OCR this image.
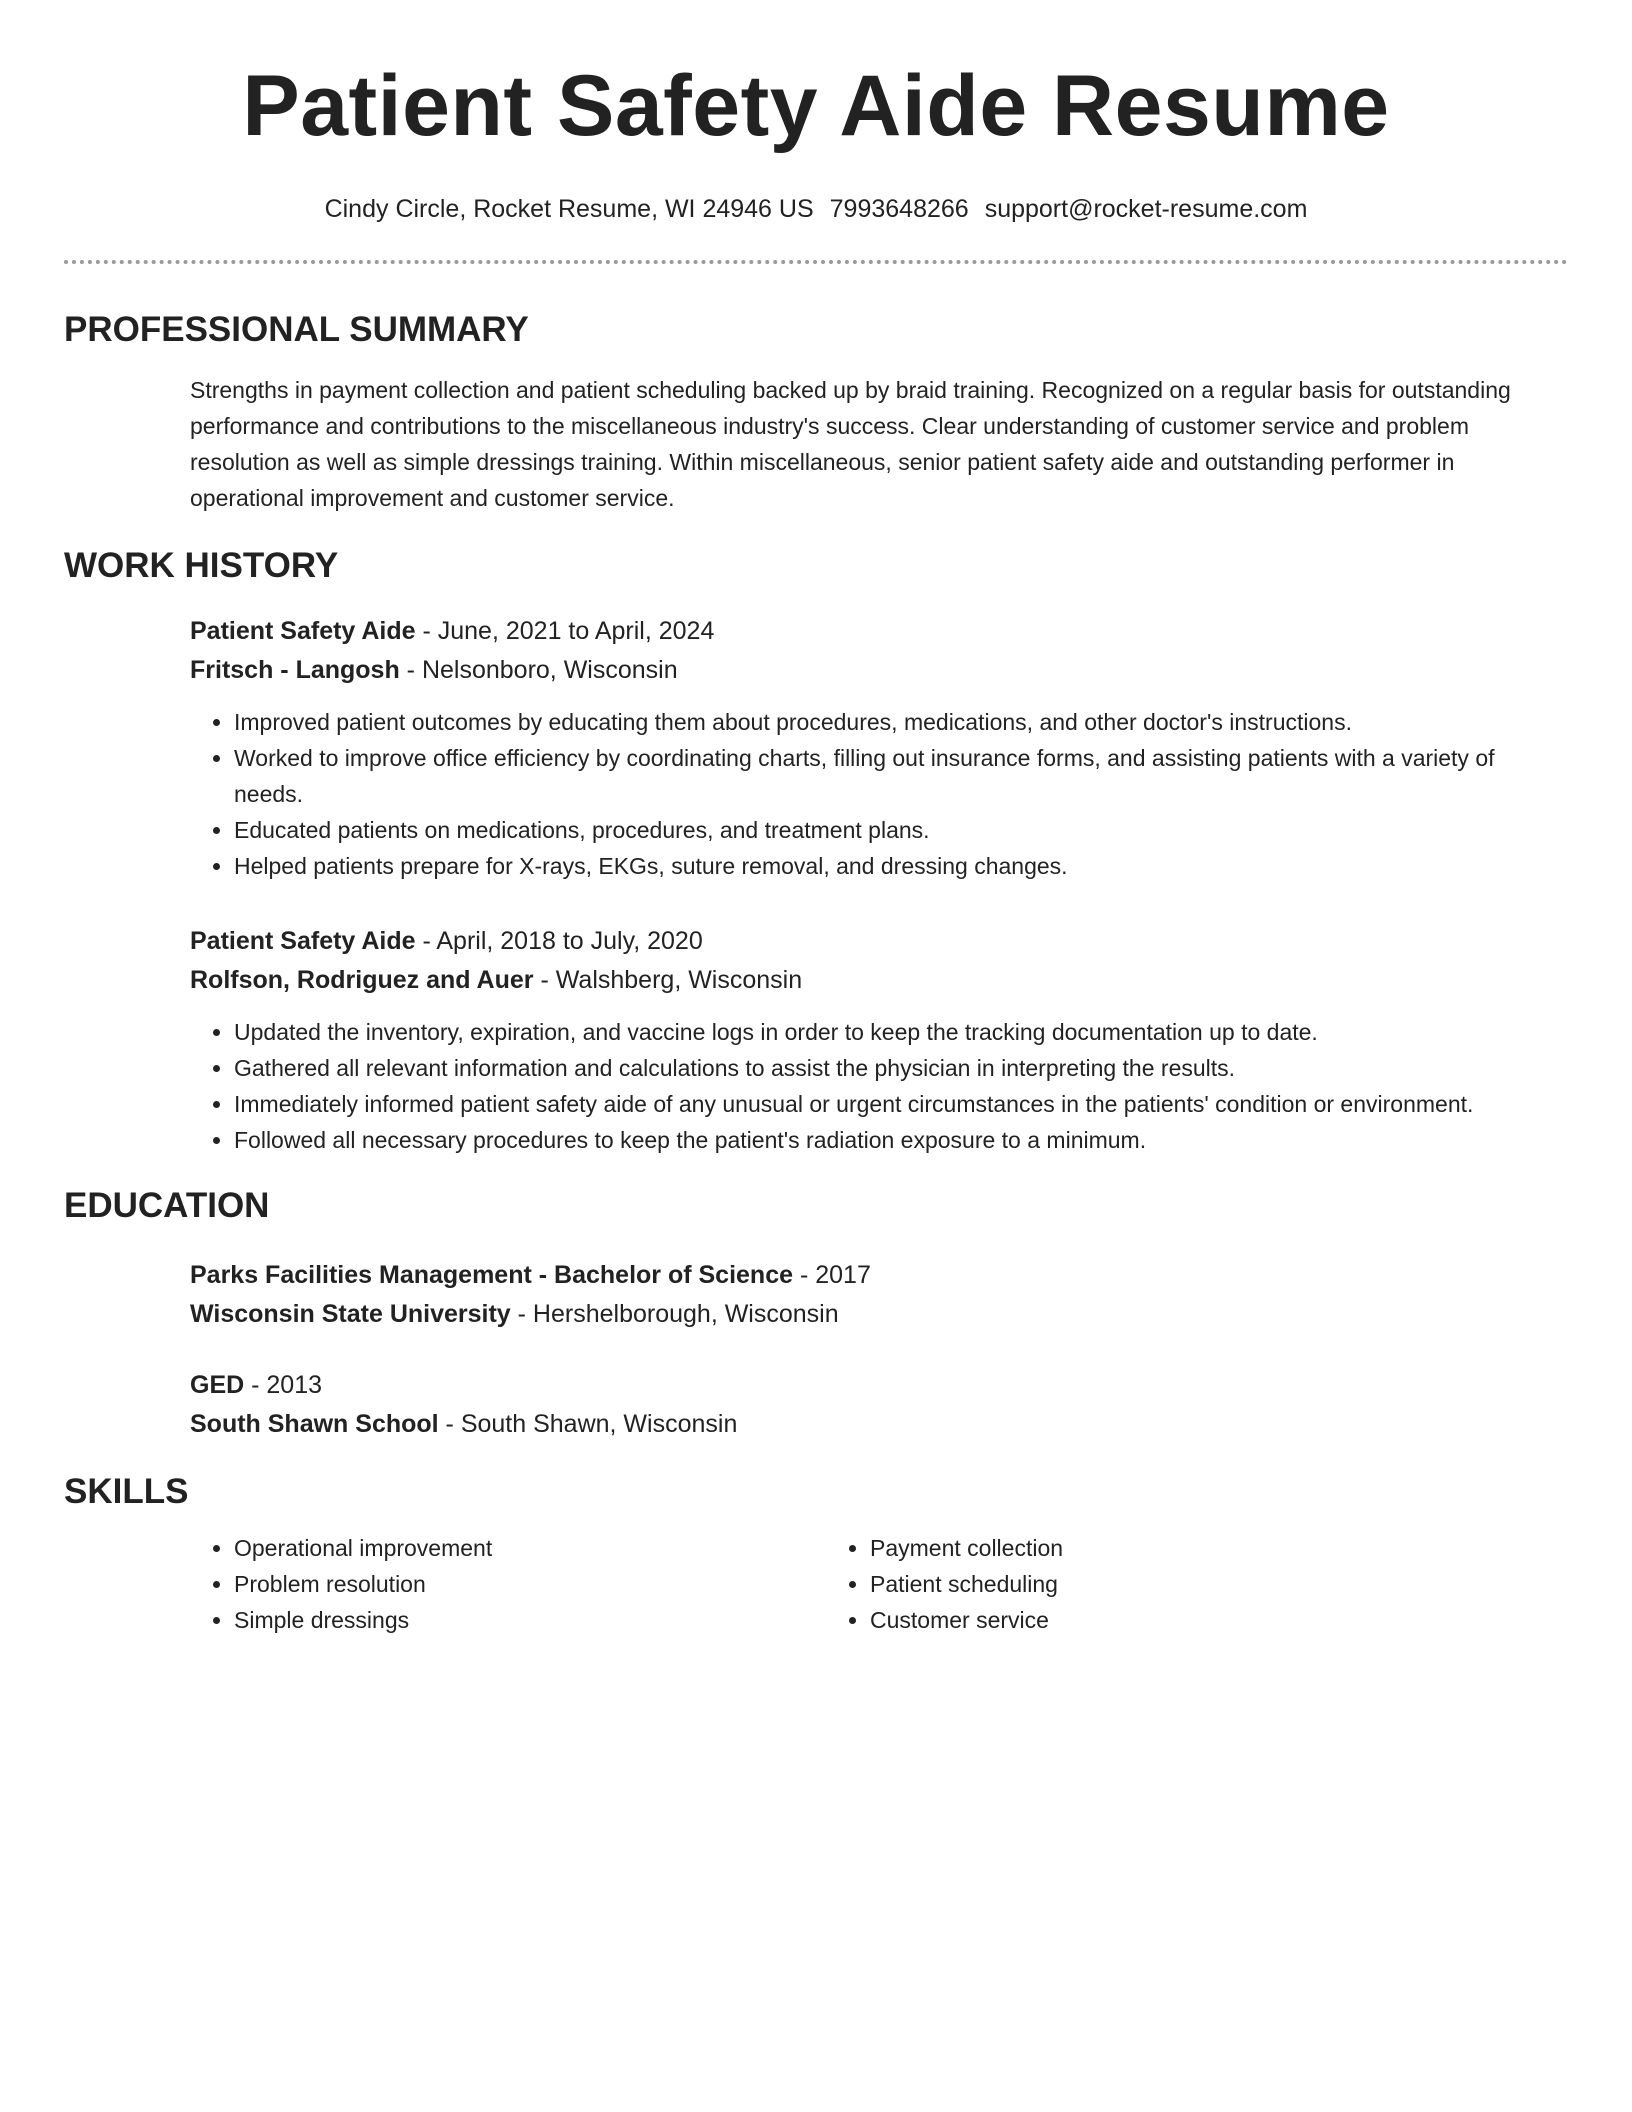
Patient Safety Aide Resume
Cindy Circle, Rocket Resume, WI 24946 US 7993648266 support@rocket-resume.com
PROFESSIONAL SUMMARY
Strengths in payment collection and patient scheduling backed up by braid training. Recognized on a regular basis for outstanding performance and contributions to the miscellaneous industry's success. Clear understanding of customer service and problem resolution as well as simple dressings training. Within miscellaneous, senior patient safety aide and outstanding performer in operational improvement and customer service.
WORK HISTORY
Patient Safety Aide - June, 2021 to April, 2024
Fritsch - Langosh - Nelsonboro, Wisconsin
• Improved patient outcomes by educating them about procedures, medications, and other doctor's instructions.
• Worked to improve office efficiency by coordinating charts, filling out insurance forms, and assisting patients with a variety of needs.
• Educated patients on medications, procedures, and treatment plans.
• Helped patients prepare for X-rays, EKGs, suture removal, and dressing changes.
Patient Safety Aide - April, 2018 to July, 2020
Rolfson, Rodriguez and Auer - Walshberg, Wisconsin
• Updated the inventory, expiration, and vaccine logs in order to keep the tracking documentation up to date.
• Gathered all relevant information and calculations to assist the physician in interpreting the results.
• Immediately informed patient safety aide of any unusual or urgent circumstances in the patients' condition or environment.
• Followed all necessary procedures to keep the patient's radiation exposure to a minimum.
EDUCATION
Parks Facilities Management - Bachelor of Science - 2017
Wisconsin State University - Hershelborough, Wisconsin
GED - 2013
South Shawn School - South Shawn, Wisconsin
SKILLS
• Operational improvement
• Problem resolution
• Simple dressings
• Payment collection
• Patient scheduling
• Customer service
